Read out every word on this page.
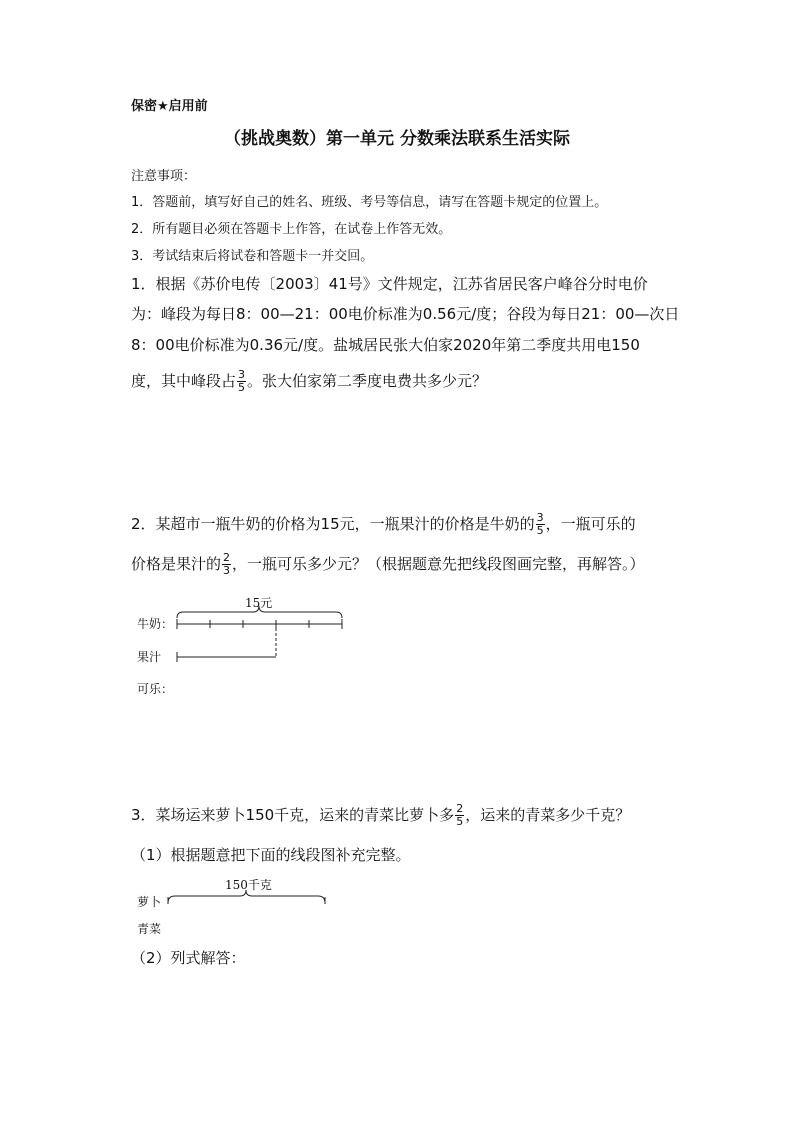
保密★启用前
（挑战奥数）第一单元 分数乘法联系生活实际
注意事项：
1．答题前，填写好自己的姓名、班级、考号等信息，请写在答题卡规定的位置上。
2．所有题目必须在答题卡上作答，在试卷上作答无效。
3．考试结束后将试卷和答题卡一并交回。
1．根据《苏价电传〔2003〕41号》文件规定，江苏省居民客户峰谷分时电价
为：峰段为每日8：00—21：00电价标准为0.56元/度；谷段为每日21：00—次日
8：00电价标准为0.36元/度。盐城居民张大伯家2020年第二季度共用电150
度，其中峰段占 $\frac{3}{5}$ 。张大伯家第二季度电费共多少元？
2．某超市一瓶牛奶的价格为15元，一瓶果汁的价格是牛奶的 $\frac{3}{5}$ ，一瓶可乐的
价格是果汁的 $\frac{2}{3}$ ，一瓶可乐多少元？（根据题意先把线段图画完整，再解答。）
15元
牛奶：
果汁
可乐：
3．菜场运来萝卜150千克，运来的青菜比萝卜多 $\frac{2}{5}$ ，运来的青菜多少千克？
（1）根据题意把下面的线段图补充完整。
150千克
萝卜
青菜
（2）列式解答：
